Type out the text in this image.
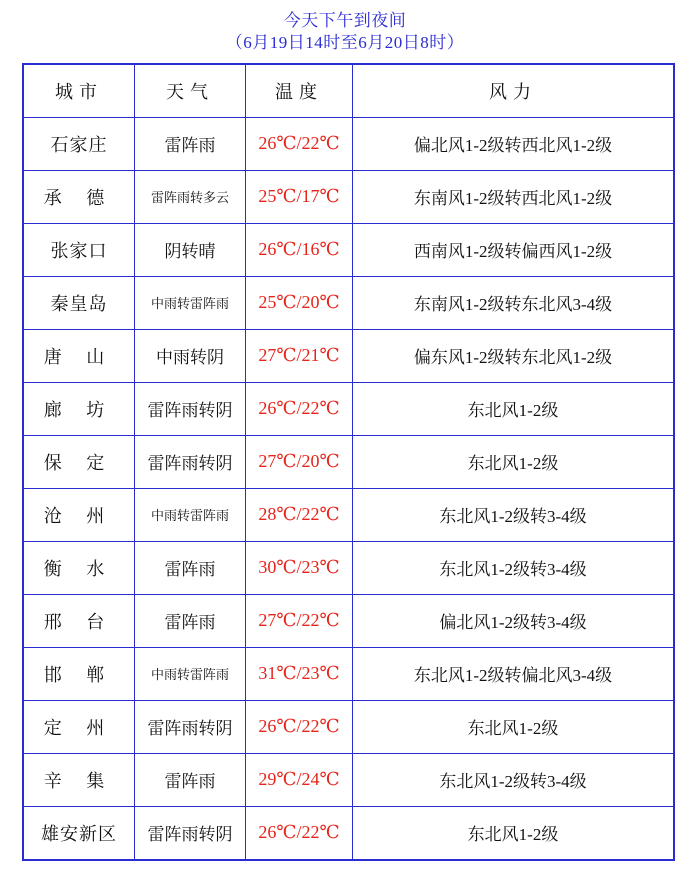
今天下午到夜间
（6月19日14时至6月20日8时）
城市	天气	温度	风力
石家庄	雷阵雨	26℃/22℃	偏北风1-2级转西北风1-2级
承 德	雷阵雨转多云	25℃/17℃	东南风1-2级转西北风1-2级
张家口	阴转晴	26℃/16℃	西南风1-2级转偏西风1-2级
秦皇岛	中雨转雷阵雨	25℃/20℃	东南风1-2级转东北风3-4级
唐 山	中雨转阴	27℃/21℃	偏东风1-2级转东北风1-2级
廊 坊	雷阵雨转阴	26℃/22℃	东北风1-2级
保 定	雷阵雨转阴	27℃/20℃	东北风1-2级
沧 州	中雨转雷阵雨	28℃/22℃	东北风1-2级转3-4级
衡 水	雷阵雨	30℃/23℃	东北风1-2级转3-4级
邢 台	雷阵雨	27℃/22℃	偏北风1-2级转3-4级
邯 郸	中雨转雷阵雨	31℃/23℃	东北风1-2级转偏北风3-4级
定 州	雷阵雨转阴	26℃/22℃	东北风1-2级
辛 集	雷阵雨	29℃/24℃	东北风1-2级转3-4级
雄安新区	雷阵雨转阴	26℃/22℃	东北风1-2级
